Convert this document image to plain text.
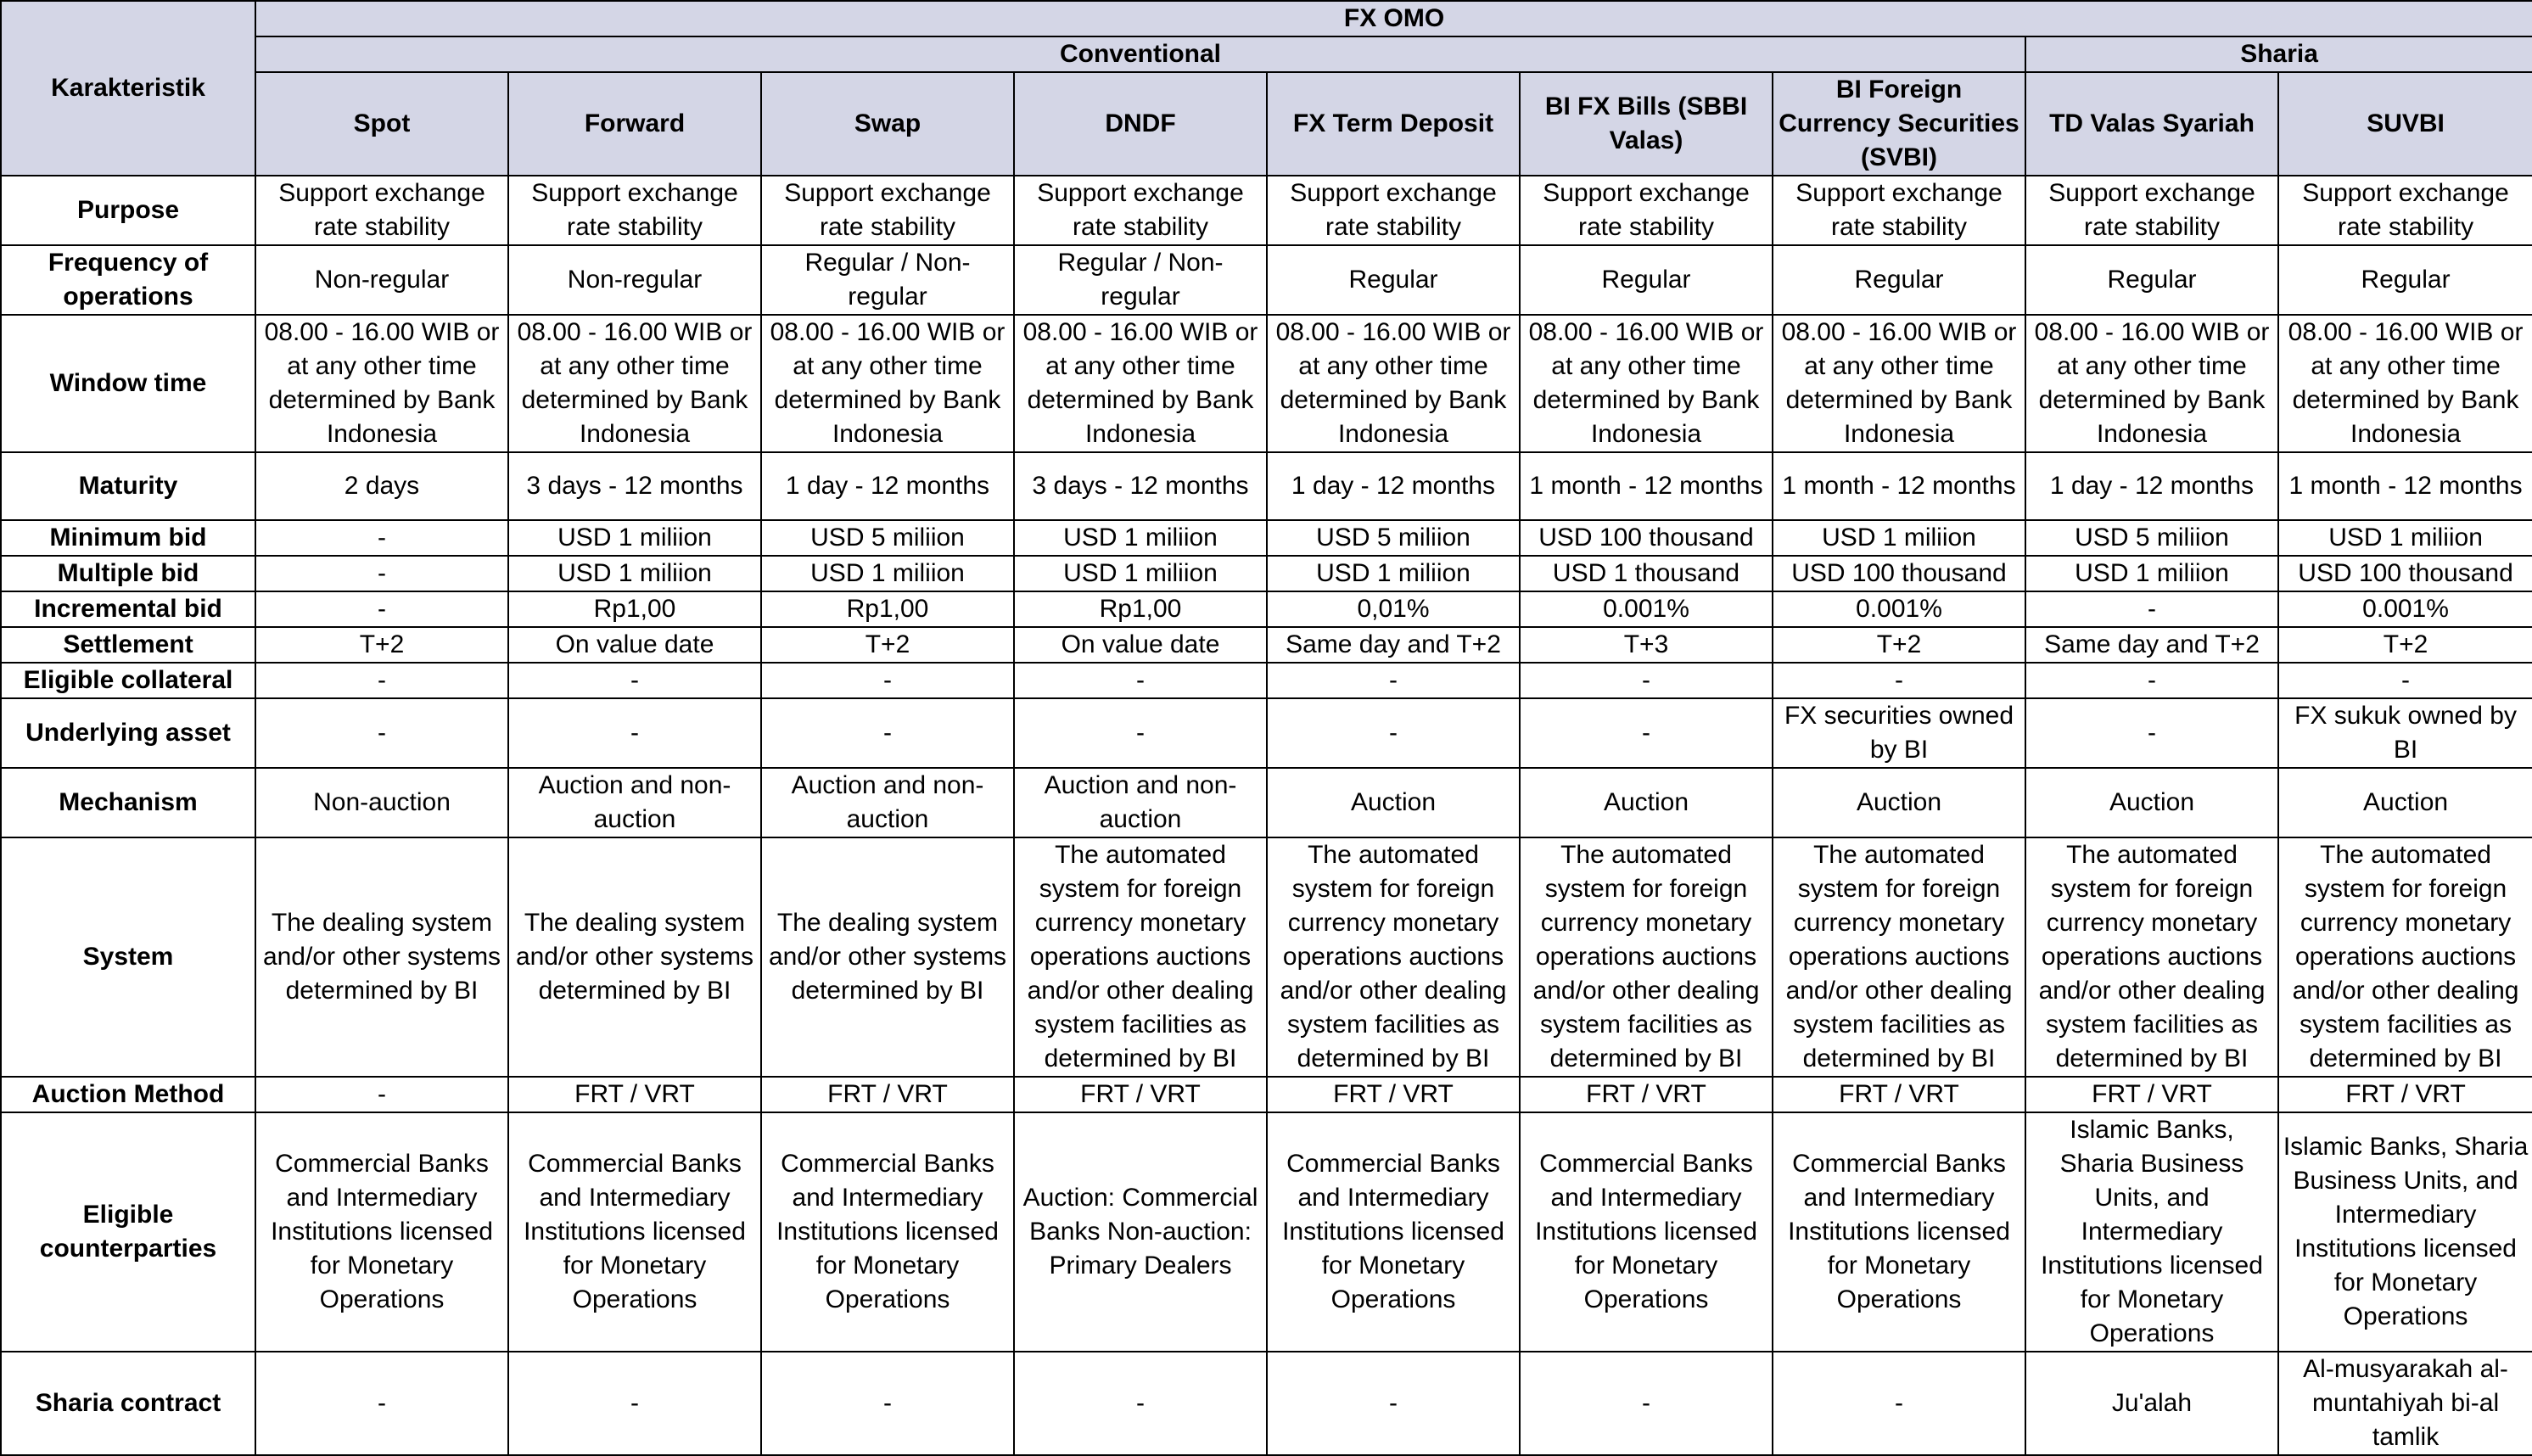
Karakteristik	FX OMO								
	Conventional							Sharia	
	Spot	Forward	Swap	DNDF	FX Term Deposit	BI FX Bills (SBBI Valas)	BI Foreign Currency Securities (SVBI)	TD Valas Syariah	SUVBI
Purpose	Support exchange rate stability	Support exchange rate stability	Support exchange rate stability	Support exchange rate stability	Support exchange rate stability	Support exchange rate stability	Support exchange rate stability	Support exchange rate stability	Support exchange rate stability
Frequency of operations	Non-regular	Non-regular	Regular / Non-regular	Regular / Non-regular	Regular	Regular	Regular	Regular	Regular
Window time	08.00 - 16.00 WIB or at any other time determined by Bank Indonesia	08.00 - 16.00 WIB or at any other time determined by Bank Indonesia	08.00 - 16.00 WIB or at any other time determined by Bank Indonesia	08.00 - 16.00 WIB or at any other time determined by Bank Indonesia	08.00 - 16.00 WIB or at any other time determined by Bank Indonesia	08.00 - 16.00 WIB or at any other time determined by Bank Indonesia	08.00 - 16.00 WIB or at any other time determined by Bank Indonesia	08.00 - 16.00 WIB or at any other time determined by Bank Indonesia	08.00 - 16.00 WIB or at any other time determined by Bank Indonesia
Maturity	2 days	3 days - 12 months	1 day - 12 months	3 days - 12 months	1 day - 12 months	1 month - 12 months	1 month - 12 months	1 day - 12 months	1 month - 12 months
Minimum bid	-	USD 1 miliion	USD 5 miliion	USD 1 miliion	USD 5 miliion	USD 100 thousand	USD 1 miliion	USD 5 miliion	USD 1 miliion
Multiple bid	-	USD 1 miliion	USD 1 miliion	USD 1 miliion	USD 1 miliion	USD 1 thousand	USD 100 thousand	USD 1 miliion	USD 100 thousand
Incremental bid	-	Rp1,00	Rp1,00	Rp1,00	0,01%	0.001%	0.001%	-	0.001%
Settlement	T+2	On value date	T+2	On value date	Same day and T+2	T+3	T+2	Same day and T+2	T+2
Eligible collateral	-	-	-	-	-	-	-	-	-
Underlying asset	-	-	-	-	-	-	FX securities owned by BI	-	FX sukuk owned by BI
Mechanism	Non-auction	Auction and non-auction	Auction and non-auction	Auction and non-auction	Auction	Auction	Auction	Auction	Auction
System	The dealing system and/or other systems determined by BI	The dealing system and/or other systems determined by BI	The dealing system and/or other systems determined by BI	The automated system for foreign currency monetary operations auctions and/or other dealing system facilities as determined by BI	The automated system for foreign currency monetary operations auctions and/or other dealing system facilities as determined by BI	The automated system for foreign currency monetary operations auctions and/or other dealing system facilities as determined by BI	The automated system for foreign currency monetary operations auctions and/or other dealing system facilities as determined by BI	The automated system for foreign currency monetary operations auctions and/or other dealing system facilities as determined by BI	The automated system for foreign currency monetary operations auctions and/or other dealing system facilities as determined by BI
Auction Method	-	FRT / VRT	FRT / VRT	FRT / VRT	FRT / VRT	FRT / VRT	FRT / VRT	FRT / VRT	FRT / VRT
Eligible counterparties	Commercial Banks and Intermediary Institutions licensed for Monetary Operations	Commercial Banks and Intermediary Institutions licensed for Monetary Operations	Commercial Banks and Intermediary Institutions licensed for Monetary Operations	Auction: Commercial Banks Non-auction: Primary Dealers	Commercial Banks and Intermediary Institutions licensed for Monetary Operations	Commercial Banks and Intermediary Institutions licensed for Monetary Operations	Commercial Banks and Intermediary Institutions licensed for Monetary Operations	Islamic Banks, Sharia Business Units, and Intermediary Institutions licensed for Monetary Operations	Islamic Banks, Sharia Business Units, and Intermediary Institutions licensed for Monetary Operations
Sharia contract	-	-	-	-	-	-	-	Ju'alah	Al-musyarakah al-muntahiyah bi-al tamlik
